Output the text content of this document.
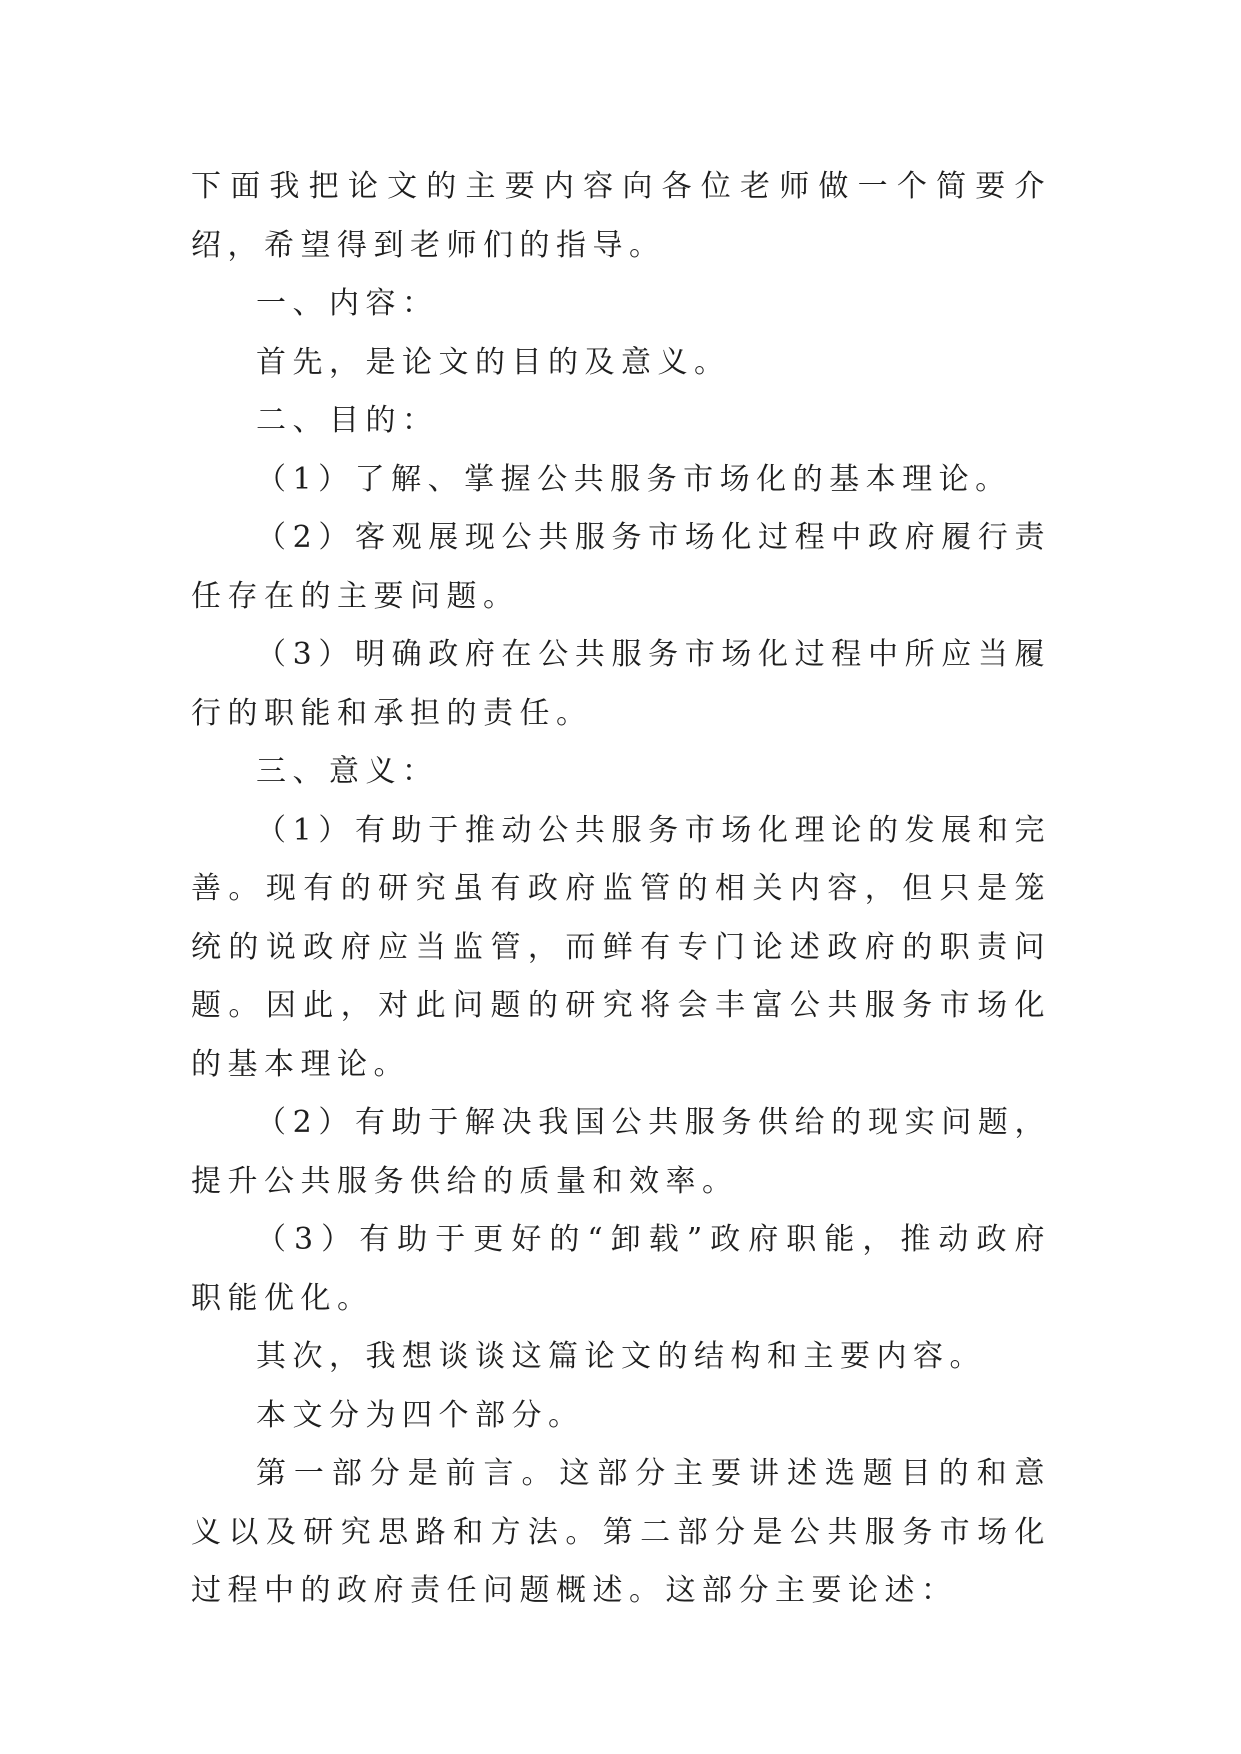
下面我把论文的主要内容向各位老师做一个简要介绍，希望得到老师们的指导。

一、内容：

首先，是论文的目的及意义。

二、目的：

（1）了解、掌握公共服务市场化的基本理论。

（2）客观展现公共服务市场化过程中政府履行责任存在的主要问题。

（3）明确政府在公共服务市场化过程中所应当履行的职能和承担的责任。

三、意义：

（1）有助于推动公共服务市场化理论的发展和完善。现有的研究虽有政府监管的相关内容，但只是笼统的说政府应当监管，而鲜有专门论述政府的职责问题。因此，对此问题的研究将会丰富公共服务市场化的基本理论。

（2）有助于解决我国公共服务供给的现实问题，提升公共服务供给的质量和效率。

（3）有助于更好的“卸载”政府职能，推动政府职能优化。

其次，我想谈谈这篇论文的结构和主要内容。

本文分为四个部分。

第一部分是前言。这部分主要讲述选题目的和意义以及研究思路和方法。第二部分是公共服务市场化过程中的政府责任问题概述。这部分主要论述：
